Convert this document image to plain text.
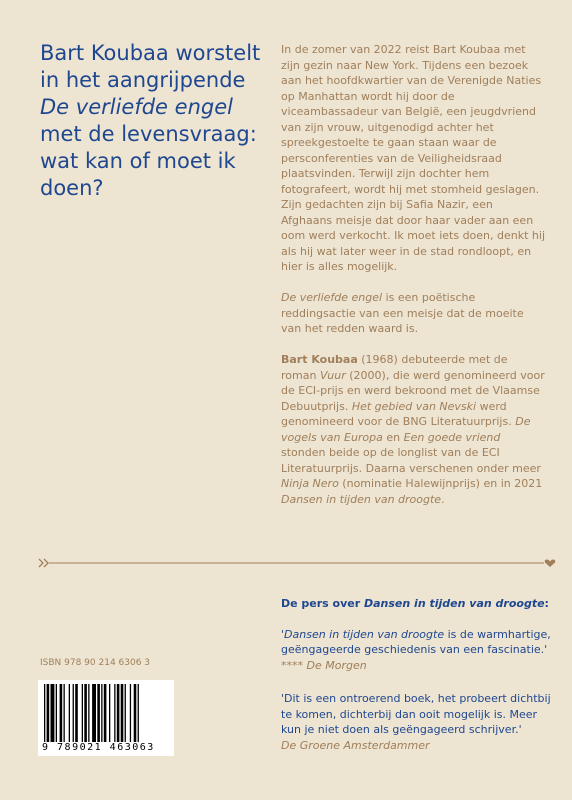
Bart Koubaa worstelt in het aangrijpende De verliefde engel met de levensvraag: wat kan of moet ik doen?

In de zomer van 2022 reist Bart Koubaa met zijn gezin naar New York. Tijdens een bezoek aan het hoofdkwartier van de Verenigde Naties op Manhattan wordt hij door de viceambassadeur van België, een jeugdvriend van zijn vrouw, uitgenodigd achter het spreekgestoelte te gaan staan waar de persconferenties van de Veiligheidsraad plaatsvinden. Terwijl zijn dochter hem fotografeert, wordt hij met stomheid geslagen. Zijn gedachten zijn bij Safia Nazir, een Afghaans meisje dat door haar vader aan een oom werd verkocht. Ik moet iets doen, denkt hij als hij wat later weer in de stad rondloopt, en hier is alles mogelijk.

De verliefde engel is een poëtische reddingsactie van een meisje dat de moeite van het redden waard is.

Bart Koubaa (1968) debuteerde met de roman Vuur (2000), die werd genomineerd voor de ECI-prijs en werd bekroond met de Vlaamse Debuutprijs. Het gebied van Nevski werd genomineerd voor de BNG Literatuurprijs. De vogels van Europa en Een goede vriend stonden beide op de longlist van de ECI Literatuurprijs. Daarna verschenen onder meer Ninja Nero (nominatie Halewijnprijs) en in 2021 Dansen in tijden van droogte.

De pers over Dansen in tijden van droogte:
'Dansen in tijden van droogte is de warmhartige, geëngageerde geschiedenis van een fascinatie.'
**** De Morgen
'Dit is een ontroerend boek, het probeert dichtbij te komen, dichterbij dan ooit mogelijk is. Meer kun je niet doen als geëngageerd schrijver.'
De Groene Amsterdammer
ISBN 978 90 214 6306 3
9 789021 463063
